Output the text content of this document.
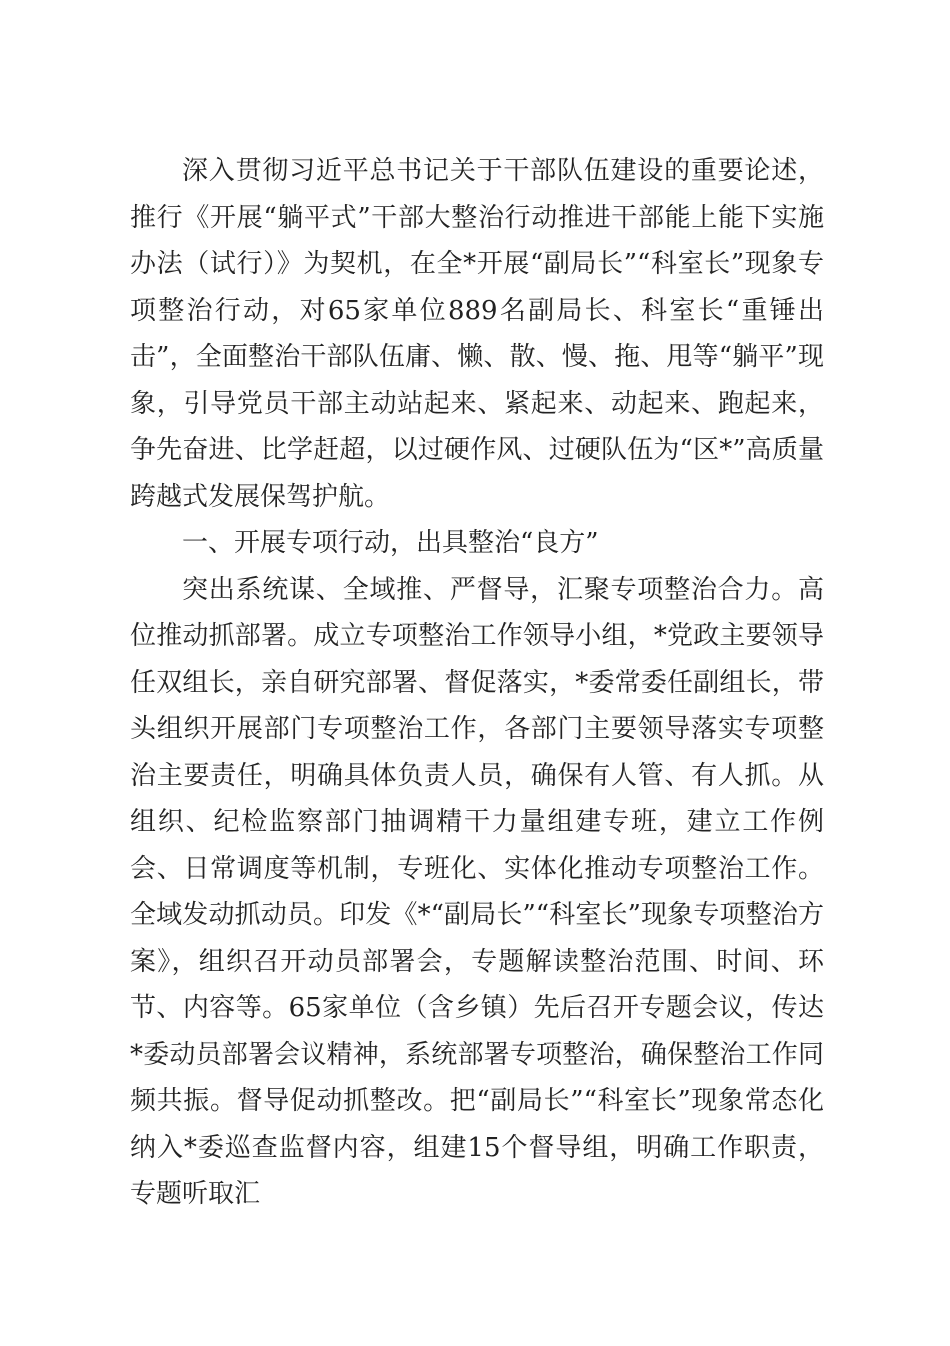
深入贯彻习近平总书记关于干部队伍建设的重要论述，推行《开展“躺平式”干部大整治行动推进干部能上能下实施办法（试行）》为契机，在全*开展“副局长”“科室长”现象专项整治行动，对65家单位889名副局长、科室长“重锤出击”，全面整治干部队伍庸、懒、散、慢、拖、甩等“躺平”现象，引导党员干部主动站起来、紧起来、动起来、跑起来，争先奋进、比学赶超，以过硬作风、过硬队伍为“区*”高质量跨越式发展保驾护航。

一、开展专项行动，出具整治“良方”

突出系统谋、全域推、严督导，汇聚专项整治合力。高位推动抓部署。成立专项整治工作领导小组，*党政主要领导任双组长，亲自研究部署、督促落实，*委常委任副组长，带头组织开展部门专项整治工作，各部门主要领导落实专项整治主要责任，明确具体负责人员，确保有人管、有人抓。从组织、纪检监察部门抽调精干力量组建专班，建立工作例会、日常调度等机制，专班化、实体化推动专项整治工作。全域发动抓动员。印发《*“副局长”“科室长”现象专项整治方案》，组织召开动员部署会，专题解读整治范围、时间、环节、内容等。65家单位（含乡镇）先后召开专题会议，传达*委动员部署会议精神，系统部署专项整治，确保整治工作同频共振。督导促动抓整改。把“副局长”“科室长”现象常态化纳入*委巡查监督内容，组建15个督导组，明确工作职责，专题听取汇
